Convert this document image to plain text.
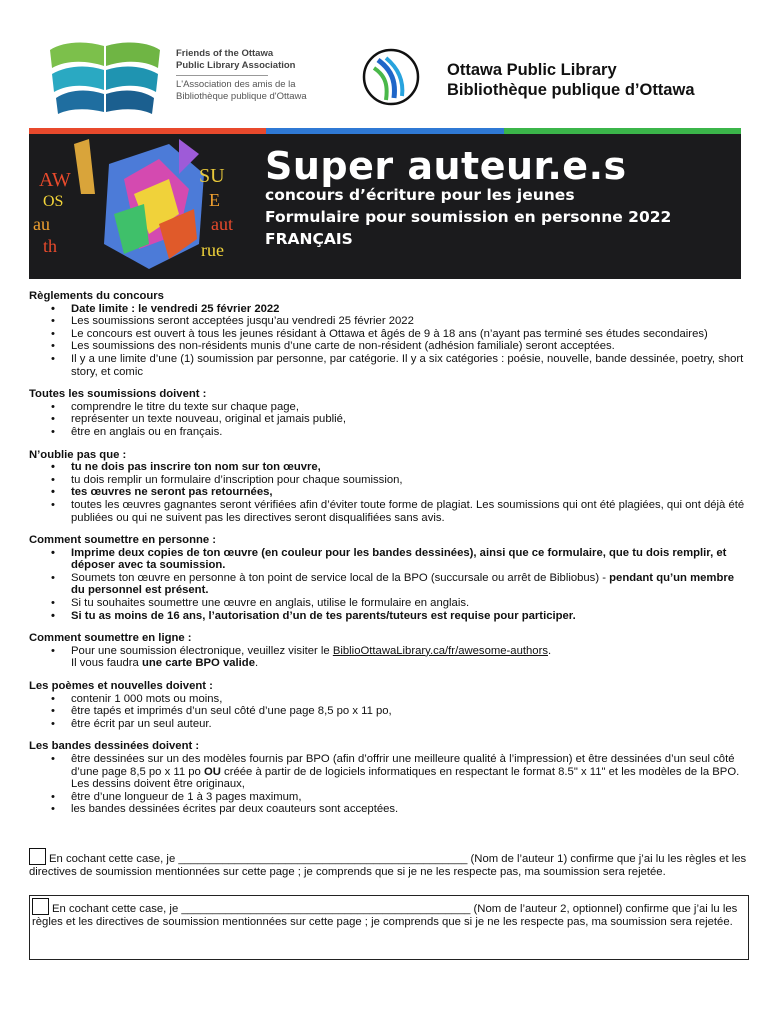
Friends of the Ottawa
Public Library Association
L'Association des amis de la
Bibliothèque publique d'Ottawa
Ottawa Public Library
Bibliothèque publique d’Ottawa
AW
OS
au
th
SU
E
aut
rue
Super auteur.e.s
concours d’écriture pour les jeunes
Formulaire pour soumission en personne 2022
FRANÇAIS
Règlements du concours
• Date limite : le vendredi 25 février 2022
• Les soumissions seront acceptées jusqu’au vendredi 25 février 2022
• Le concours est ouvert à tous les jeunes résidant à Ottawa et âgés de 9 à 18 ans (n’ayant pas terminé ses études secondaires)
• Les soumissions des non-résidents munis d’une carte de non-résident (adhésion familiale) seront acceptées.
• Il y a une limite d’une (1) soumission par personne, par catégorie. Il y a six catégories : poésie, nouvelle, bande dessinée, poetry, short story, et comic
Toutes les soumissions doivent :
• comprendre le titre du texte sur chaque page,
• représenter un texte nouveau, original et jamais publié,
• être en anglais ou en français.
N’oublie pas que :
• tu ne dois pas inscrire ton nom sur ton œuvre,
• tu dois remplir un formulaire d’inscription pour chaque soumission,
• tes œuvres ne seront pas retournées,
• toutes les œuvres gagnantes seront vérifiées afin d’éviter toute forme de plagiat. Les soumissions qui ont été plagiées, qui ont déjà été publiées ou qui ne suivent pas les directives seront disqualifiées sans avis.
Comment soumettre en personne :
• Imprime deux copies de ton œuvre (en couleur pour les bandes dessinées), ainsi que ce formulaire, que tu dois remplir, et déposer avec ta soumission.
• Soumets ton œuvre en personne à ton point de service local de la BPO (succursale ou arrêt de Bibliobus) - pendant qu’un membre du personnel est présent.
• Si tu souhaites soumettre une œuvre en anglais, utilise le formulaire en anglais.
• Si tu as moins de 16 ans, l’autorisation d’un de tes parents/tuteurs est requise pour participer.
Comment soumettre en ligne :
• Pour une soumission électronique, veuillez visiter le BiblioOttawaLibrary.ca/fr/awesome-authors.
Il vous faudra une carte BPO valide.
Les poèmes et nouvelles doivent :
• contenir 1 000 mots ou moins,
• être tapés et imprimés d’un seul côté d’une page 8,5 po x 11 po,
• être écrit par un seul auteur.
Les bandes dessinées doivent :
• être dessinées sur un des modèles fournis par BPO (afin d’offrir une meilleure qualité à l’impression) et être dessinées d’un seul côté d’une page 8,5 po x 11 po OU créée à partir de de logiciels informatiques en respectant le format 8.5" x 11" et les modèles de la BPO. Les dessins doivent être originaux,
• être d’une longueur de 1 à 3 pages maximum,
• les bandes dessinées écrites par deux coauteurs sont acceptées.
En cochant cette case, je ______________________________________________ (Nom de l’auteur 1) confirme que j’ai lu les règles et les directives de soumission mentionnées sur cette page ; je comprends que si je ne les respecte pas, ma soumission sera rejetée.
En cochant cette case, je ______________________________________________ (Nom de l’auteur 2, optionnel) confirme que j’ai lu les règles et les directives de soumission mentionnées sur cette page ; je comprends que si je ne les respecte pas, ma soumission sera rejetée.
